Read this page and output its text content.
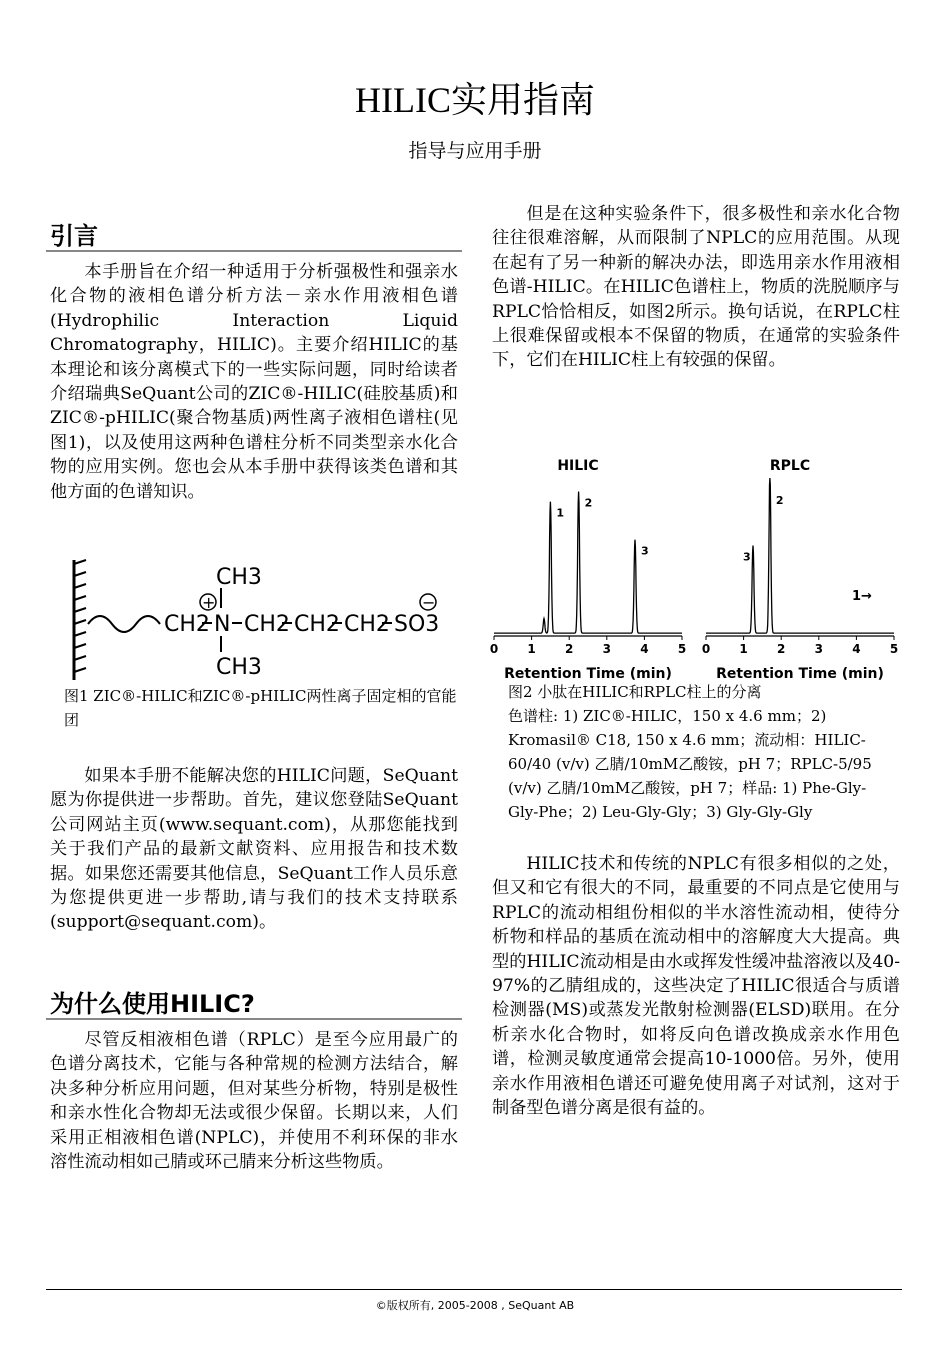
HILIC实用指南
指导与应用手册
引言

本手册旨在介绍一种适用于分析强极性和强亲水化合物的液相色谱分析方法－亲水作用液相色谱(Hydrophilic Interaction Liquid Chromatography，HILIC)。主要介绍HILIC的基本理论和该分离模式下的一些实际问题，同时给读者介绍瑞典SeQuant公司的ZIC®-HILIC(硅胶基质)和ZIC®-pHILIC(聚合物基质)两性离子液相色谱柱(见图1)，以及使用这两种色谱柱分析不同类型亲水化合物的应用实例。您也会从本手册中获得该类色谱和其他方面的色谱知识。

CH2 N
+
CH3
CH3
CH2 CH2 CH2 SO3
−
图1 ZIC®-HILIC和ZIC®-pHILIC两性离子固定相的官能团

如果本手册不能解决您的HILIC问题，SeQuant愿为你提供进一步帮助。首先，建议您登陆SeQuant公司网站主页(www.sequant.com)，从那您能找到关于我们产品的最新文献资料、应用报告和技术数据。如果您还需要其他信息，SeQuant工作人员乐意为您提供更进一步帮助,请与我们的技术支持联系(support@sequant.com)。

为什么使用HILIC?

尽管反相液相色谱（RPLC）是至今应用最广的色谱分离技术，它能与各种常规的检测方法结合，解决多种分析应用问题，但对某些分析物，特别是极性和亲水性化合物却无法或很少保留。长期以来，人们采用正相液相色谱(NPLC)，并使用不利环保的非水溶性流动相如己腈或环己腈来分析这些物质。

但是在这种实验条件下，很多极性和亲水化合物往往很难溶解，从而限制了NPLC的应用范围。从现在起有了另一种新的解决办法，即选用亲水作用液相色谱-HILIC。在HILIC色谱柱上，物质的洗脱顺序与RPLC恰恰相反，如图2所示。换句话说，在RPLC柱上很难保留或根本不保留的物质，在通常的实验条件下，它们在HILIC柱上有较强的保留。

HILIC
0 1 2 3 4 5
Retention Time (min)
1
2
3
RPLC
0 1 2 3 4 5
Retention Time (min)
3
2
1→
图2 小肽在HILIC和RPLC柱上的分离
色谱柱: 1) ZIC®-HILIC，150 x 4.6 mm；2)
Kromasil® C18, 150 x 4.6 mm；流动相：HILIC-
60/40 (v/v) 乙腈/10mM乙酸铵，pH 7；RPLC-5/95
(v/v) 乙腈/10mM乙酸铵，pH 7；样品: 1) Phe-Gly-
Gly-Phe；2) Leu-Gly-Gly；3) Gly-Gly-Gly

HILIC技术和传统的NPLC有很多相似的之处，但又和它有很大的不同，最重要的不同点是它使用与RPLC的流动相组份相似的半水溶性流动相，使待分析物和样品的基质在流动相中的溶解度大大提高。典型的HILIC流动相是由水或挥发性缓冲盐溶液以及40-97%的乙腈组成的，这些决定了HILIC很适合与质谱检测器(MS)或蒸发光散射检测器(ELSD)联用。在分析亲水化合物时，如将反向色谱改换成亲水作用色谱，检测灵敏度通常会提高10-1000倍。另外，使用亲水作用液相色谱还可避免使用离子对试剂，这对于制备型色谱分离是很有益的。

©版权所有, 2005-2008 , SeQuant AB
